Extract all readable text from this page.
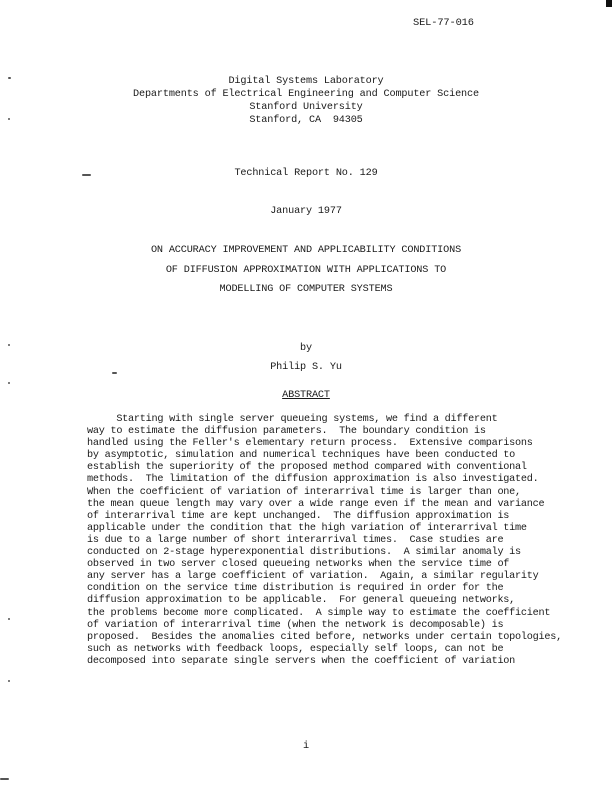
SEL-77-016
Digital Systems Laboratory
Departments of Electrical Engineering and Computer Science
Stanford University
Stanford, CA  94305
Technical Report No. 129
January 1977
ON ACCURACY IMPROVEMENT AND APPLICABILITY CONDITIONS
OF DIFFUSION APPROXIMATION WITH APPLICATIONS TO
MODELLING OF COMPUTER SYSTEMS
by
Philip S. Yu
ABSTRACT
Starting with single server queueing systems, we find a different
way to estimate the diffusion parameters.  The boundary condition is
handled using the Feller's elementary return process.  Extensive comparisons
by asymptotic, simulation and numerical techniques have been conducted to
establish the superiority of the proposed method compared with conventional
methods.  The limitation of the diffusion approximation is also investigated.
When the coefficient of variation of interarrival time is larger than one,
the mean queue length may vary over a wide range even if the mean and variance
of interarrival time are kept unchanged.  The diffusion approximation is
applicable under the condition that the high variation of interarrival time
is due to a large number of short interarrival times.  Case studies are
conducted on 2-stage hyperexponential distributions.  A similar anomaly is
observed in two server closed queueing networks when the service time of
any server has a large coefficient of variation.  Again, a similar regularity
condition on the service time distribution is required in order for the
diffusion approximation to be applicable.  For general queueing networks,
the problems become more complicated.  A simple way to estimate the coefficient
of variation of interarrival time (when the network is decomposable) is
proposed.  Besides the anomalies cited before, networks under certain topologies,
such as networks with feedback loops, especially self loops, can not be
decomposed into separate single servers when the coefficient of variation
i
